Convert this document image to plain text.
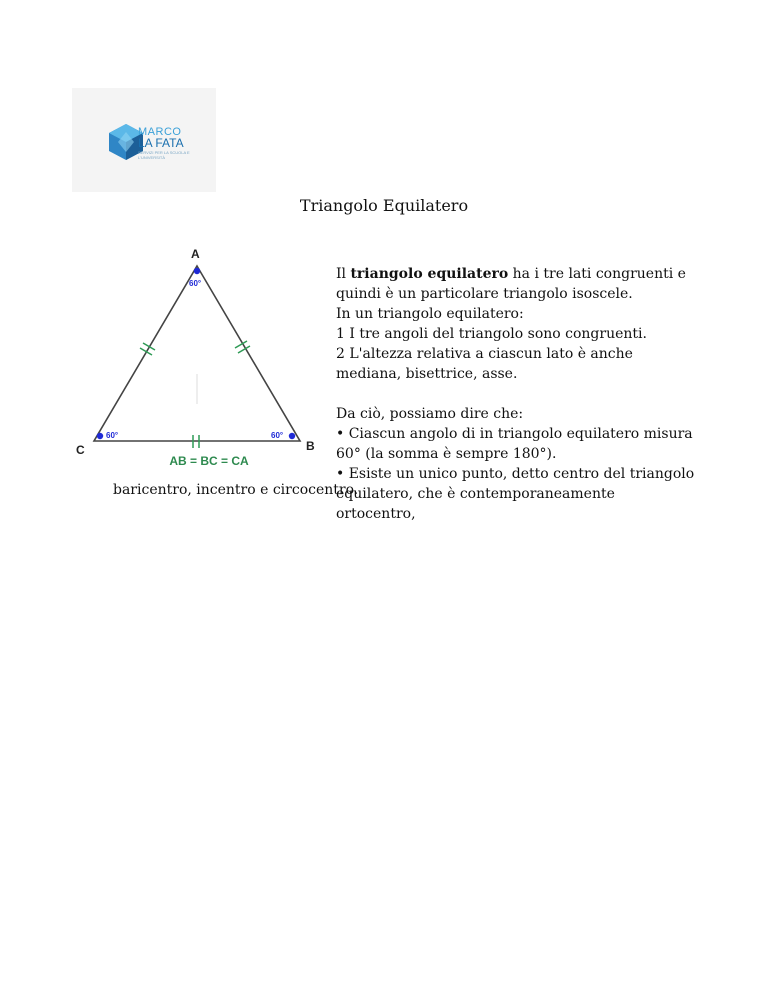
MARCO
LA FATA
SERVIZI PER LA SCUOLA E L'UNIVERSITÀ
Triangolo Equilatero
A
B
C
60°
60°	60°
AB = BC = CA

Il triangolo equilatero ha i tre lati congruenti e quindi è un particolare triangolo isoscele.

In un triangolo equilatero:

1 I tre angoli del triangolo sono congruenti.

2 L'altezza relativa a ciascun lato è anche mediana, bisettrice, asse.

Da ciò, possiamo dire che:

• Ciascun angolo di in triangolo equilatero misura 60° (la somma è sempre 180°).

• Esiste un unico punto, detto centro del triangolo equilatero, che è contemporaneamente ortocentro,

baricentro, incentro e circocentro.
